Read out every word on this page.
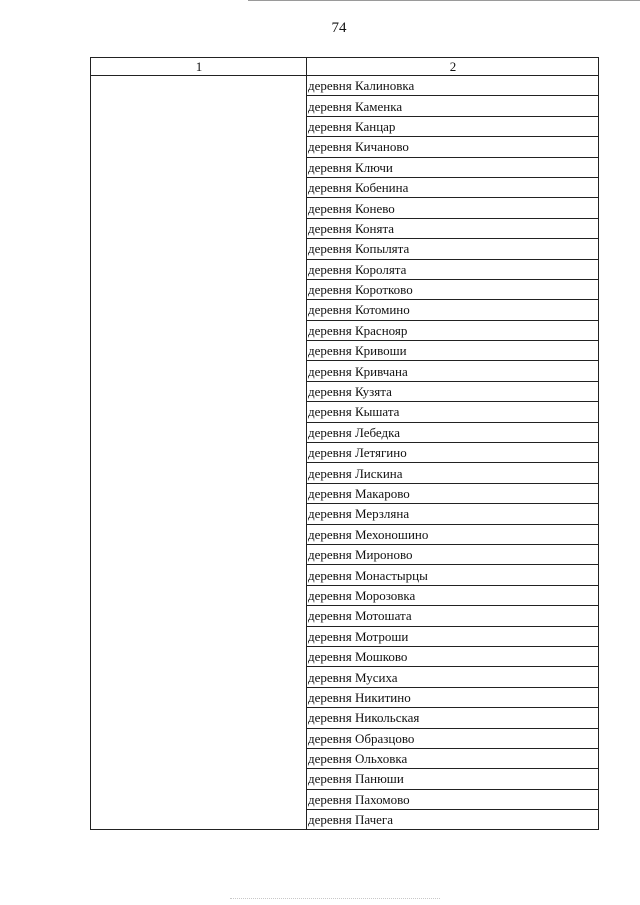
74
1	2
	деревня Калиновка
	деревня Каменка
	деревня Канцар
	деревня Кичаново
	деревня Ключи
	деревня Кобенина
	деревня Конево
	деревня Конята
	деревня Копылята
	деревня Королята
	деревня Коротково
	деревня Котомино
	деревня Краснояр
	деревня Кривоши
	деревня Кривчана
	деревня Кузята
	деревня Кышата
	деревня Лебедка
	деревня Летягино
	деревня Лискина
	деревня Макарово
	деревня Мерзляна
	деревня Мехоношино
	деревня Мироново
	деревня Монастырцы
	деревня Морозовка
	деревня Мотошата
	деревня Мотроши
	деревня Мошково
	деревня Мусиха
	деревня Никитино
	деревня Никольская
	деревня Образцово
	деревня Ольховка
	деревня Панюши
	деревня Пахомово
	деревня Пачега
